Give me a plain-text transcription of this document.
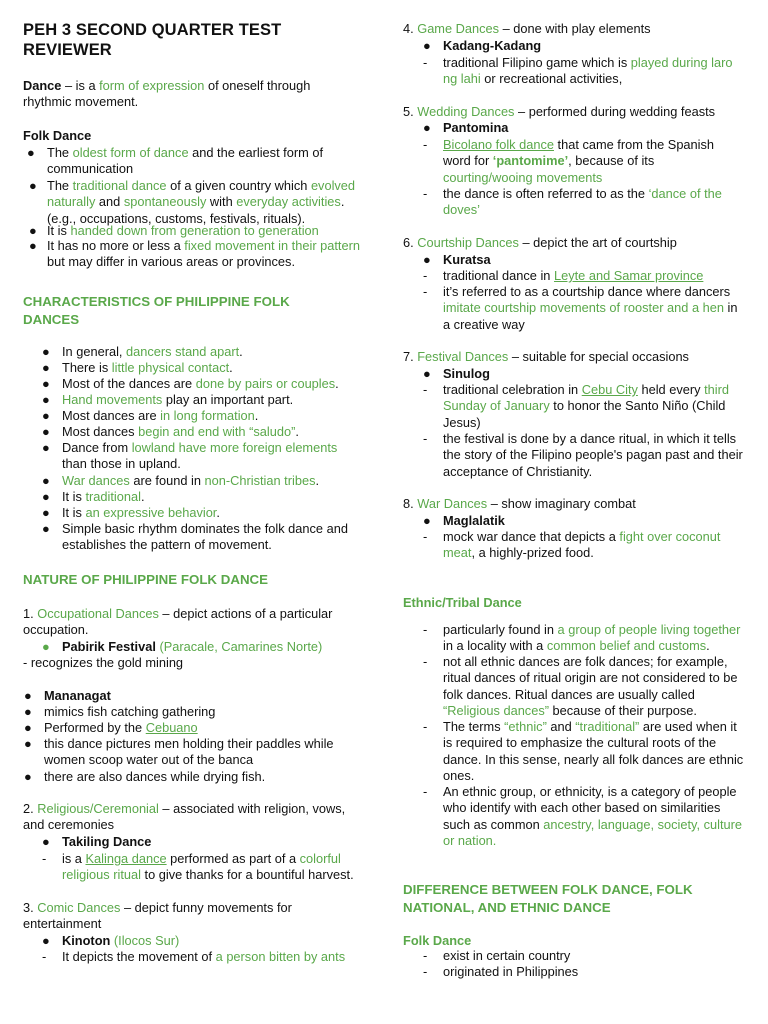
PEH 3 SECOND QUARTER TEST
REVIEWER
Dance – is a form of expression of oneself through rhythmic movement.
Folk Dance
● The oldest form of dance and the earliest form of communication
● The traditional dance of a given country which evolved naturally and spontaneously with everyday activities. (e.g., occupations, customs, festivals, rituals).
● It is handed down from generation to generation
● It has no more or less a fixed movement in their pattern but may differ in various areas or provinces.
CHARACTERISTICS OF PHILIPPINE FOLK
DANCES
● In general, dancers stand apart.
● There is little physical contact.
● Most of the dances are done by pairs or couples.
● Hand movements play an important part.
● Most dances are in long formation.
● Most dances begin and end with “saludo”.
● Dance from lowland have more foreign elements than those in upland.
● War dances are found in non-Christian tribes.
● It is traditional.
● It is an expressive behavior.
● Simple basic rhythm dominates the folk dance and establishes the pattern of movement.
NATURE OF PHILIPPINE FOLK DANCE
1. Occupational Dances – depict actions of a particular occupation.
● Pabirik Festival (Paracale, Camarines Norte)
- recognizes the gold mining
● Mananagat
● mimics fish catching gathering
● Performed by the Cebuano
● this dance pictures men holding their paddles while women scoop water out of the banca
● there are also dances while drying fish.
2. Religious/Ceremonial – associated with religion, vows, and ceremonies
● Takiling Dance
- is a Kalinga dance performed as part of a colorful religious ritual to give thanks for a bountiful harvest.
3. Comic Dances – depict funny movements for entertainment
● Kinoton (Ilocos Sur)
- It depicts the movement of a person bitten by ants
4. Game Dances – done with play elements
● Kadang-Kadang
- traditional Filipino game which is played during laro ng lahi or recreational activities,
5. Wedding Dances – performed during wedding feasts
● Pantomina
- Bicolano folk dance that came from the Spanish word for ‘pantomime’, because of its courting/wooing movements
- the dance is often referred to as the ‘dance of the doves’
6. Courtship Dances – depict the art of courtship
● Kuratsa
- traditional dance in Leyte and Samar province
- it’s referred to as a courtship dance where dancers imitate courtship movements of rooster and a hen in a creative way
7. Festival Dances – suitable for special occasions
● Sinulog
- traditional celebration in Cebu City held every third Sunday of January to honor the Santo Niño (Child Jesus)
- the festival is done by a dance ritual, in which it tells the story of the Filipino people's pagan past and their acceptance of Christianity.
8. War Dances – show imaginary combat
● Maglalatik
- mock war dance that depicts a fight over coconut meat, a highly-prized food.
Ethnic/Tribal Dance
- particularly found in a group of people living together in a locality with a common belief and customs.
- not all ethnic dances are folk dances; for example, ritual dances of ritual origin are not considered to be folk dances. Ritual dances are usually called “Religious dances” because of their purpose.
- The terms “ethnic” and “traditional” are used when it is required to emphasize the cultural roots of the dance. In this sense, nearly all folk dances are ethnic ones.
- An ethnic group, or ethnicity, is a category of people who identify with each other based on similarities such as common ancestry, language, society, culture or nation.
DIFFERENCE BETWEEN FOLK DANCE, FOLK
NATIONAL, AND ETHNIC DANCE
Folk Dance
- exist in certain country
- originated in Philippines
